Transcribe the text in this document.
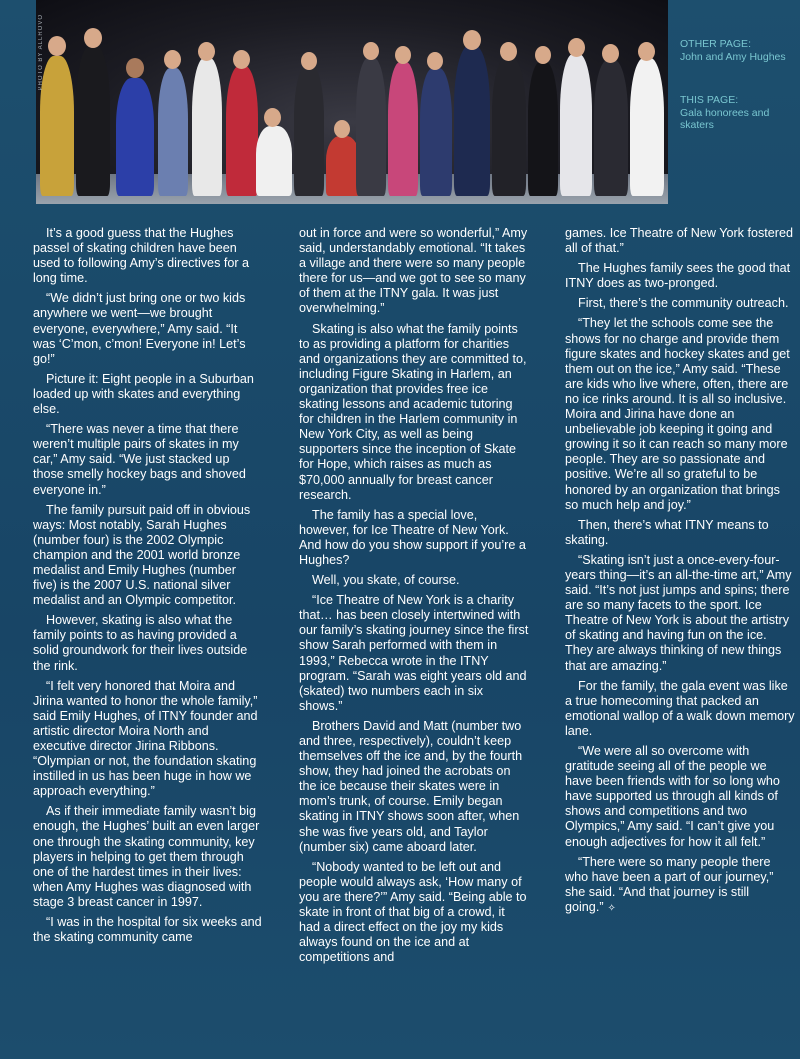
PHOTO BY ALLROVO	OTHER PAGE:
John and Amy Hughes
THIS PAGE:
Gala honorees and skaters

It’s a good guess that the Hughes passel of skating children have been used to following Amy’s directives for a long time.

“We didn’t just bring one or two kids anywhere we went—we brought everyone, everywhere,” Amy said. “It was ‘C’mon, c’mon! Everyone in! Let’s go!”

Picture it: Eight people in a Suburban loaded up with skates and everything else.

“There was never a time that there weren’t multiple pairs of skates in my car,” Amy said. “We just stacked up those smelly hockey bags and shoved everyone in.”

The family pursuit paid off in obvious ways: Most notably, Sarah Hughes (number four) is the 2002 Olympic champion and the 2001 world bronze medalist and Emily Hughes (number five) is the 2007 U.S. national silver medalist and an Olympic competitor.

However, skating is also what the family points to as having provided a solid groundwork for their lives outside the rink.

“I felt very honored that Moira and Jirina wanted to honor the whole family,” said Emily Hughes, of ITNY founder and artistic director Moira North and executive director Jirina Ribbons. “Olympian or not, the foundation skating instilled in us has been huge in how we approach everything.”

As if their immediate family wasn’t big enough, the Hughes’ built an even larger one through the skating community, key players in helping to get them through one of the hardest times in their lives: when Amy Hughes was diagnosed with stage 3 breast cancer in 1997.

“I was in the hospital for six weeks and the skating community came

out in force and were so wonderful,” Amy said, understandably emotional. “It takes a village and there were so many people there for us—and we got to see so many of them at the ITNY gala. It was just overwhelming.”

Skating is also what the family points to as providing a platform for charities and organizations they are committed to, including Figure Skating in Harlem, an organization that provides free ice skating lessons and academic tutoring for children in the Harlem community in New York City, as well as being supporters since the inception of Skate for Hope, which raises as much as $70,000 annually for breast cancer research.

The family has a special love, however, for Ice Theatre of New York. And how do you show support if you’re a Hughes?

Well, you skate, of course.

“Ice Theatre of New York is a charity that… has been closely intertwined with our family’s skating journey since the first show Sarah performed with them in 1993,” Rebecca wrote in the ITNY program. “Sarah was eight years old and (skated) two numbers each in six shows.”

Brothers David and Matt (number two and three, respectively), couldn’t keep themselves off the ice and, by the fourth show, they had joined the acrobats on the ice because their skates were in mom’s trunk, of course. Emily began skating in ITNY shows soon after, when she was five years old, and Taylor (number six) came aboard later.

“Nobody wanted to be left out and people would always ask, ‘How many of you are there?’” Amy said. “Being able to skate in front of that big of a crowd, it had a direct effect on the joy my kids always found on the ice and at competitions and

games. Ice Theatre of New York fostered all of that.”

The Hughes family sees the good that ITNY does as two-pronged.

First, there’s the community outreach.

“They let the schools come see the shows for no charge and provide them figure skates and hockey skates and get them out on the ice,” Amy said. “These are kids who live where, often, there are no ice rinks around. It is all so inclusive. Moira and Jirina have done an unbelievable job keeping it going and growing it so it can reach so many more people. They are so passionate and positive. We’re all so grateful to be honored by an organization that brings so much help and joy.”

Then, there’s what ITNY means to skating.

“Skating isn’t just a once-every-four-years thing—it’s an all-the-time art,” Amy said. “It’s not just jumps and spins; there are so many facets to the sport. Ice Theatre of New York is about the artistry of skating and having fun on the ice. They are always thinking of new things that are amazing.”

For the family, the gala event was like a true homecoming that packed an emotional wallop of a walk down memory lane.

“We were all so overcome with gratitude seeing all of the people we have been friends with for so long who have supported us through all kinds of shows and competitions and two Olympics,” Amy said. “I can’t give you enough adjectives for how it all felt.”

“There were so many people there who have been a part of our journey,” she said. “And that journey is still going.” ✧
